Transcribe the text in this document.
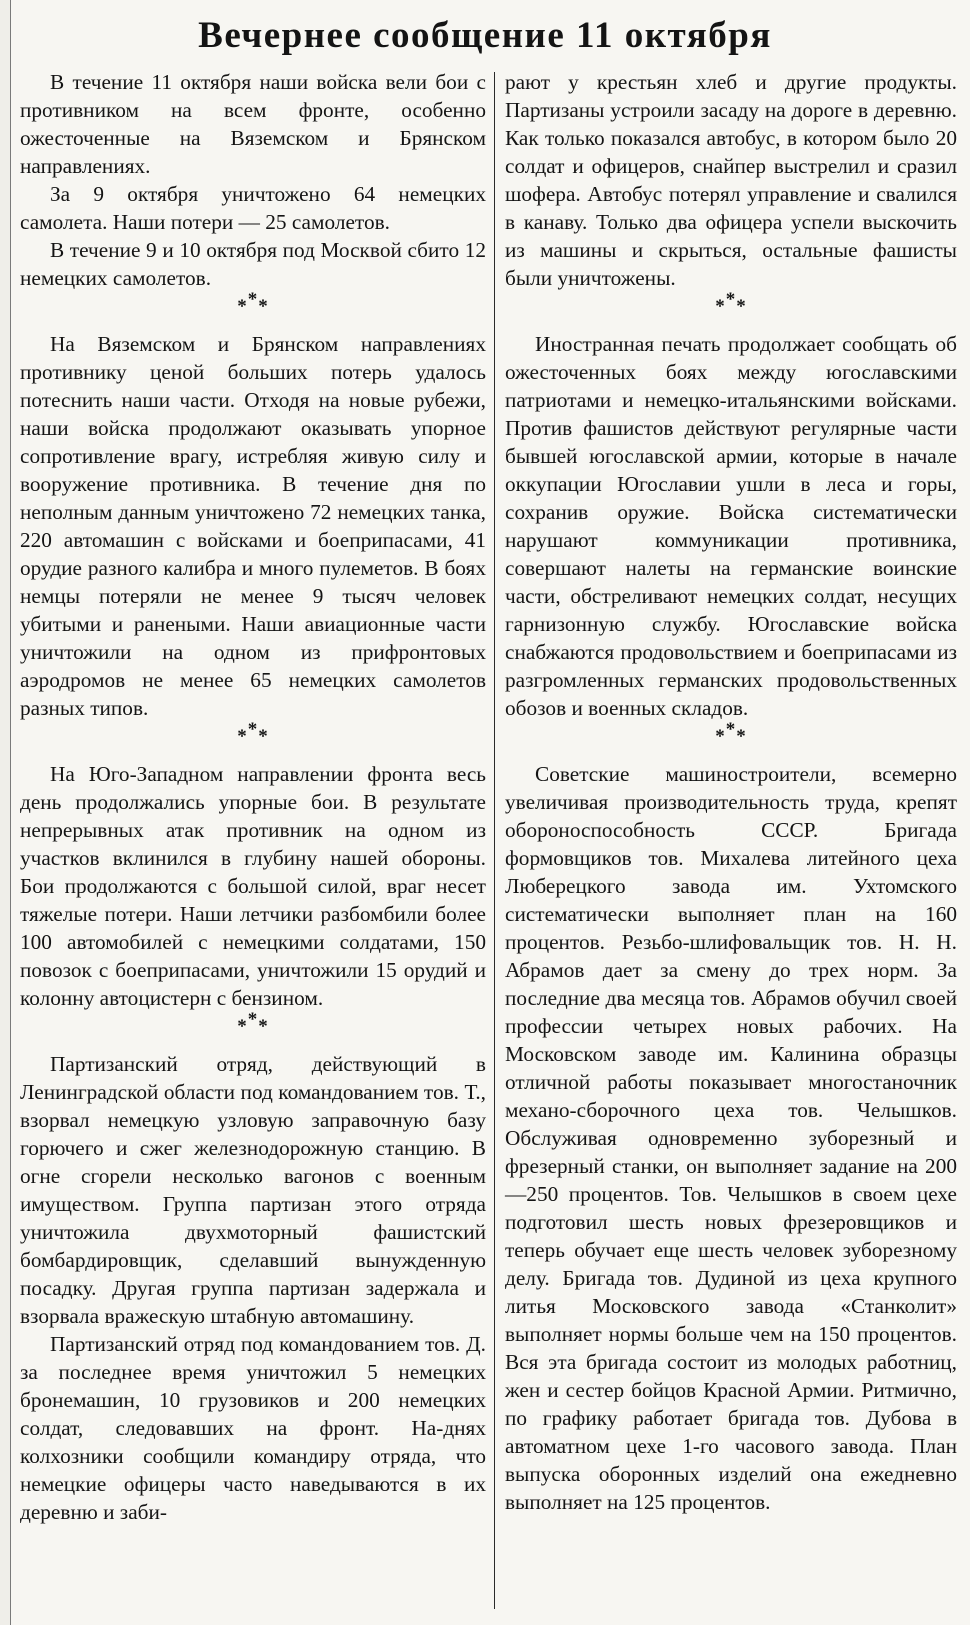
Вечернее сообщение 11 октября

В течение 11 октября наши войска вели бои с противником на всем фронте, особенно ожесточенные на Вяземском и Брянском направлениях.

За 9 октября уничтожено 64 немецких самолета. Наши потери — 25 самолетов.

В течение 9 и 10 октября под Москвой сбито 12 немецких самолетов.

***

На Вяземском и Брянском направлениях противнику ценой больших потерь удалось потеснить наши части. Отходя на новые рубежи, наши войска продолжают оказывать упорное сопротивление врагу, истребляя живую силу и вооружение противника. В течение дня по неполным данным уничтожено 72 немецких танка, 220 автомашин с войсками и боеприпасами, 41 орудие разного калибра и много пулеметов. В боях немцы потеряли не менее 9 тысяч человек убитыми и ранеными. Наши авиационные части уничтожили на одном из прифронтовых аэродромов не менее 65 немецких самолетов разных типов.

***

На Юго-Западном направлении фронта весь день продолжались упорные бои. В результате непрерывных атак противник на одном из участков вклинился в глубину нашей обороны. Бои продолжаются с большой силой, враг несет тяжелые потери. Наши летчики разбомбили более 100 автомобилей с немецкими солдатами, 150 повозок с боеприпасами, уничтожили 15 орудий и колонну автоцистерн с бензином.

***

Партизанский отряд, действующий в Ленинградской области под командованием тов. Т., взорвал немецкую узловую заправочную базу горючего и сжег железнодорожную станцию. В огне сгорели несколько вагонов с военным имуществом. Группа партизан этого отряда уничтожила двухмоторный фашистский бомбардировщик, сделавший вынужденную посадку. Другая группа партизан задержала и взорвала вражескую штабную автомашину.

Партизанский отряд под командованием тов. Д. за последнее время уничтожил 5 немецких бронемашин, 10 грузовиков и 200 немецких солдат, следовавших на фронт. На-днях колхозники сообщили командиру отряда, что немецкие офицеры часто наведываются в их деревню и заби-

рают у крестьян хлеб и другие продукты. Партизаны устроили засаду на дороге в деревню. Как только показался автобус, в котором было 20 солдат и офицеров, снайпер выстрелил и сразил шофера. Автобус потерял управление и свалился в канаву. Только два офицера успели выскочить из машины и скрыться, остальные фашисты были уничтожены.

***

Иностранная печать продолжает сообщать об ожесточенных боях между югославскими патриотами и немецко-итальянскими войсками. Против фашистов действуют регулярные части бывшей югославской армии, которые в начале оккупации Югославии ушли в леса и горы, сохранив оружие. Войска систематически нарушают коммуникации противника, совершают налеты на германские воинские части, обстреливают немецких солдат, несущих гарнизонную службу. Югославские войска снабжаются продовольствием и боеприпасами из разгромленных германских продовольственных обозов и военных складов.

***

Советские машиностроители, всемерно увеличивая производительность труда, крепят обороноспособность СССР. Бригада формовщиков тов. Михалева литейного цеха Люберецкого завода им. Ухтомского систематически выполняет план на 160 процентов. Резьбо-шлифовальщик тов. Н. Н. Абрамов дает за смену до трех норм. За последние два месяца тов. Абрамов обучил своей профессии четырех новых рабочих. На Московском заводе им. Калинина образцы отличной работы показывает многостаночник механо-сборочного цеха тов. Челышков. Обслуживая одновременно зуборезный и фрезерный станки, он выполняет задание на 200—250 процентов. Тов. Челышков в своем цехе подготовил шесть новых фрезеровщиков и теперь обучает еще шесть человек зуборезному делу. Бригада тов. Дудиной из цеха крупного литья Московского завода «Станколит» выполняет нормы больше чем на 150 процентов. Вся эта бригада состоит из молодых работниц, жен и сестер бойцов Красной Армии. Ритмично, по графику работает бригада тов. Дубова в автоматном цехе 1-го часового завода. План выпуска оборонных изделий она ежедневно выполняет на 125 процентов.
